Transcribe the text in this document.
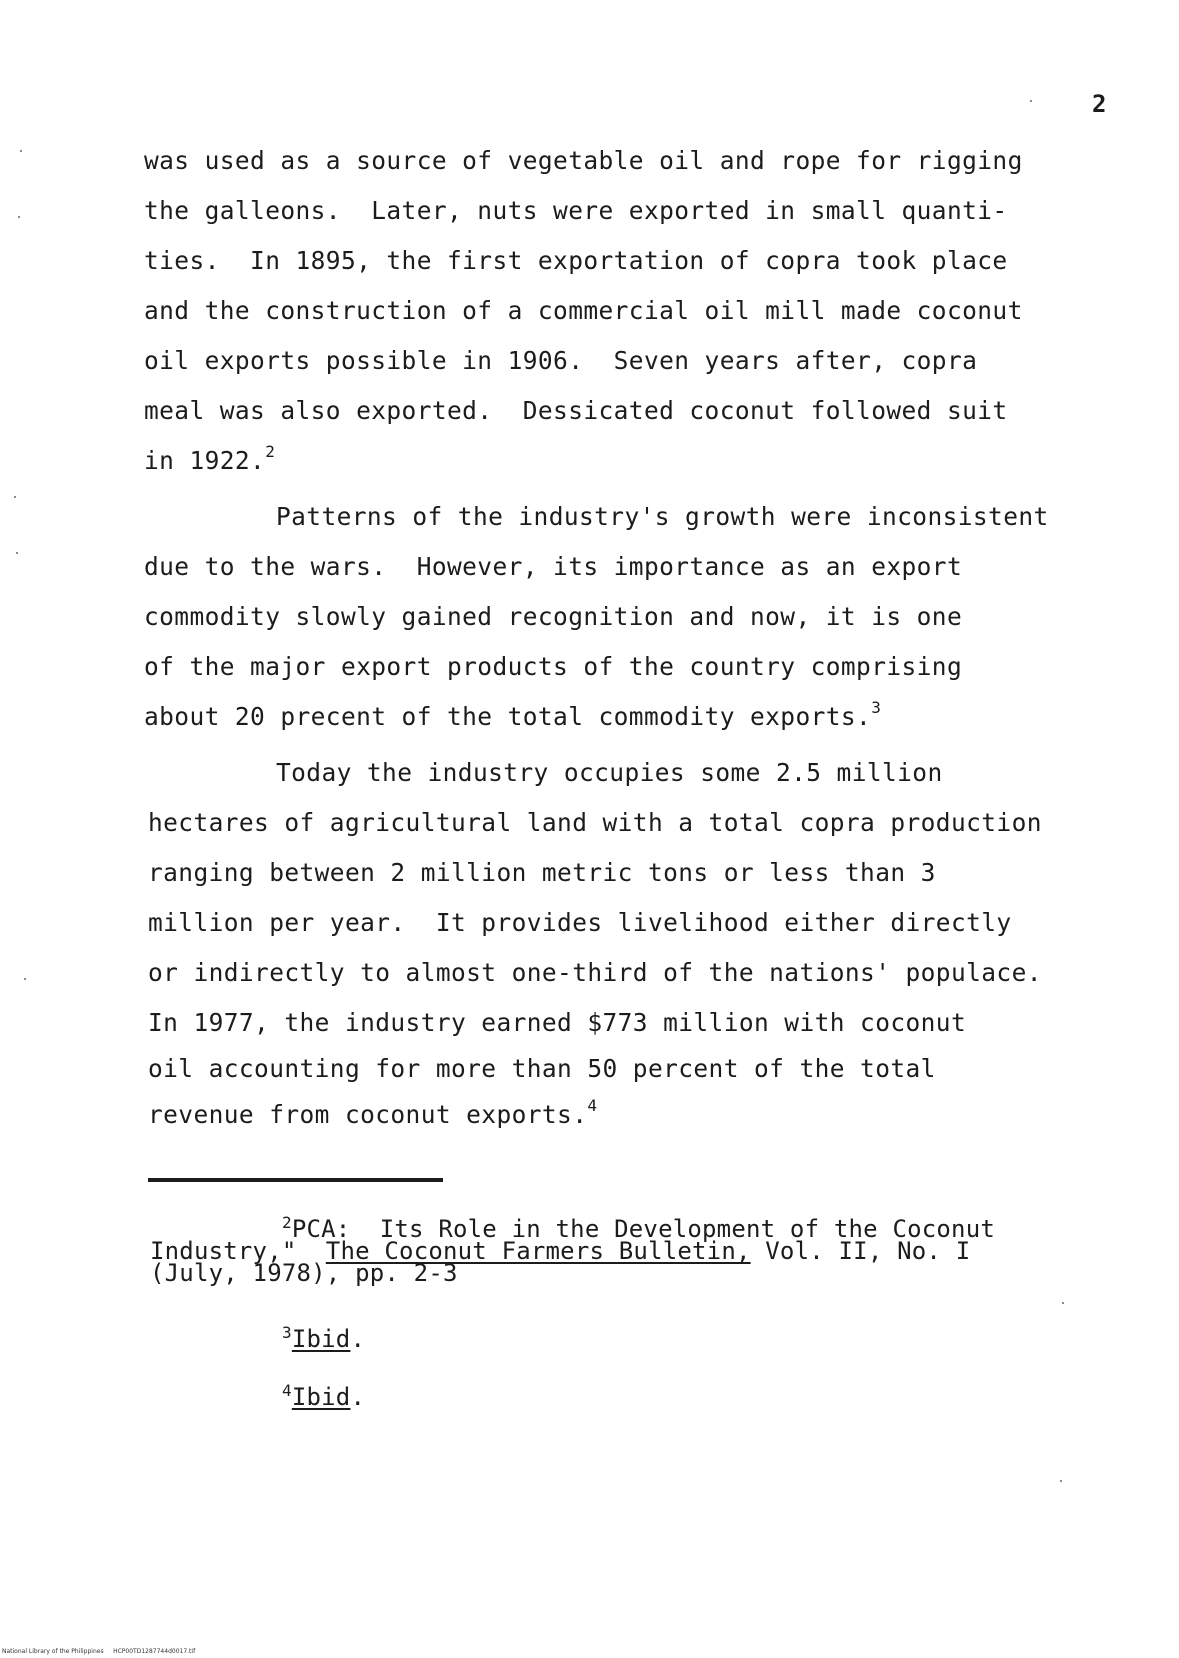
2
was used as a source of vegetable oil and rope for rigging
the galleons.  Later, nuts were exported in small quanti-
ties.  In 1895, the first exportation of copra took place
and the construction of a commercial oil mill made coconut
oil exports possible in 1906.  Seven years after, copra
meal was also exported.  Dessicated coconut followed suit
in 1922.$^2$
Patterns of the industry's growth were inconsistent
due to the wars.  However, its importance as an export
commodity slowly gained recognition and now, it is one
of the major export products of the country comprising
about 20 precent of the total commodity exports.$^3$
Today the industry occupies some 2.5 million
hectares of agricultural land with a total copra production
ranging between 2 million metric tons or less than 3
million per year.  It provides livelihood either directly
or indirectly to almost one-third of the nations' populace.
In 1977, the industry earned $773 million with coconut
oil accounting for more than 50 percent of the total
revenue from coconut exports.$^4$
$^2$PCA:  Its Role in the Development of the Coconut
Industry,"  The Coconut Farmers Bulletin, Vol. II, No. I
(July, 1978), pp. 2-3
$^3$Ibid.
$^4$Ibid.
National Library of the Philippines     HCP00TD1287744d0017.tif
